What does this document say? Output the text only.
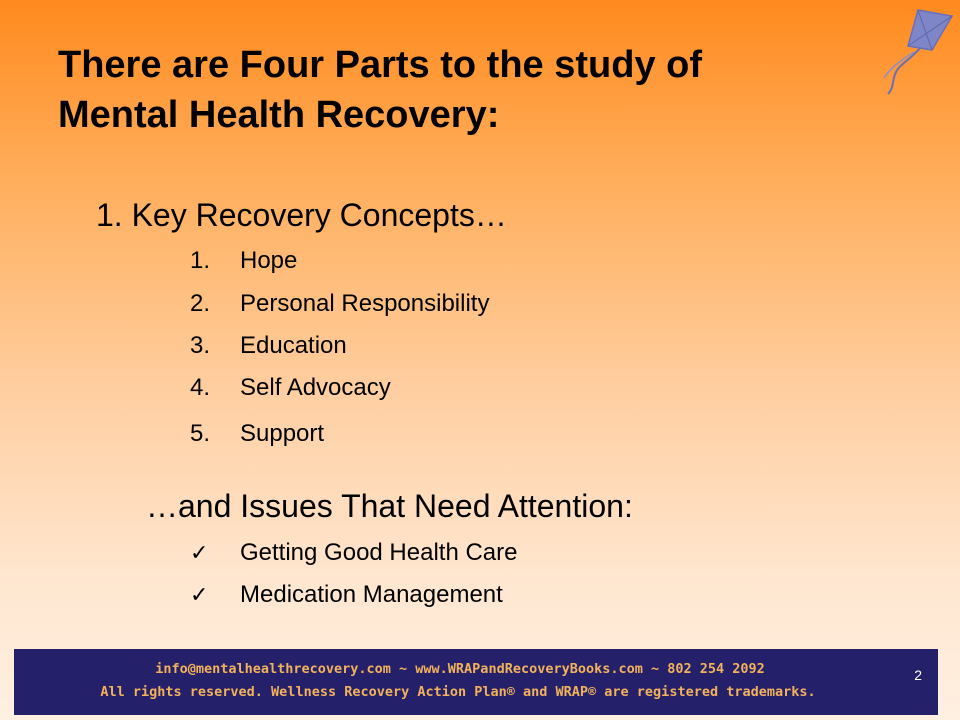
There are Four Parts to the study of
Mental Health Recovery:
1. Key Recovery Concepts…
1. Hope
2. Personal Responsibility
3. Education
4. Self Advocacy
5. Support
…and Issues That Need Attention:
✓ Getting Good Health Care
✓ Medication Management
info@mentalhealthrecovery.com ~ www.WRAPandRecoveryBooks.com ~ 802 254 2092
All rights reserved. Wellness Recovery Action Plan® and WRAP® are registered trademarks.
2
